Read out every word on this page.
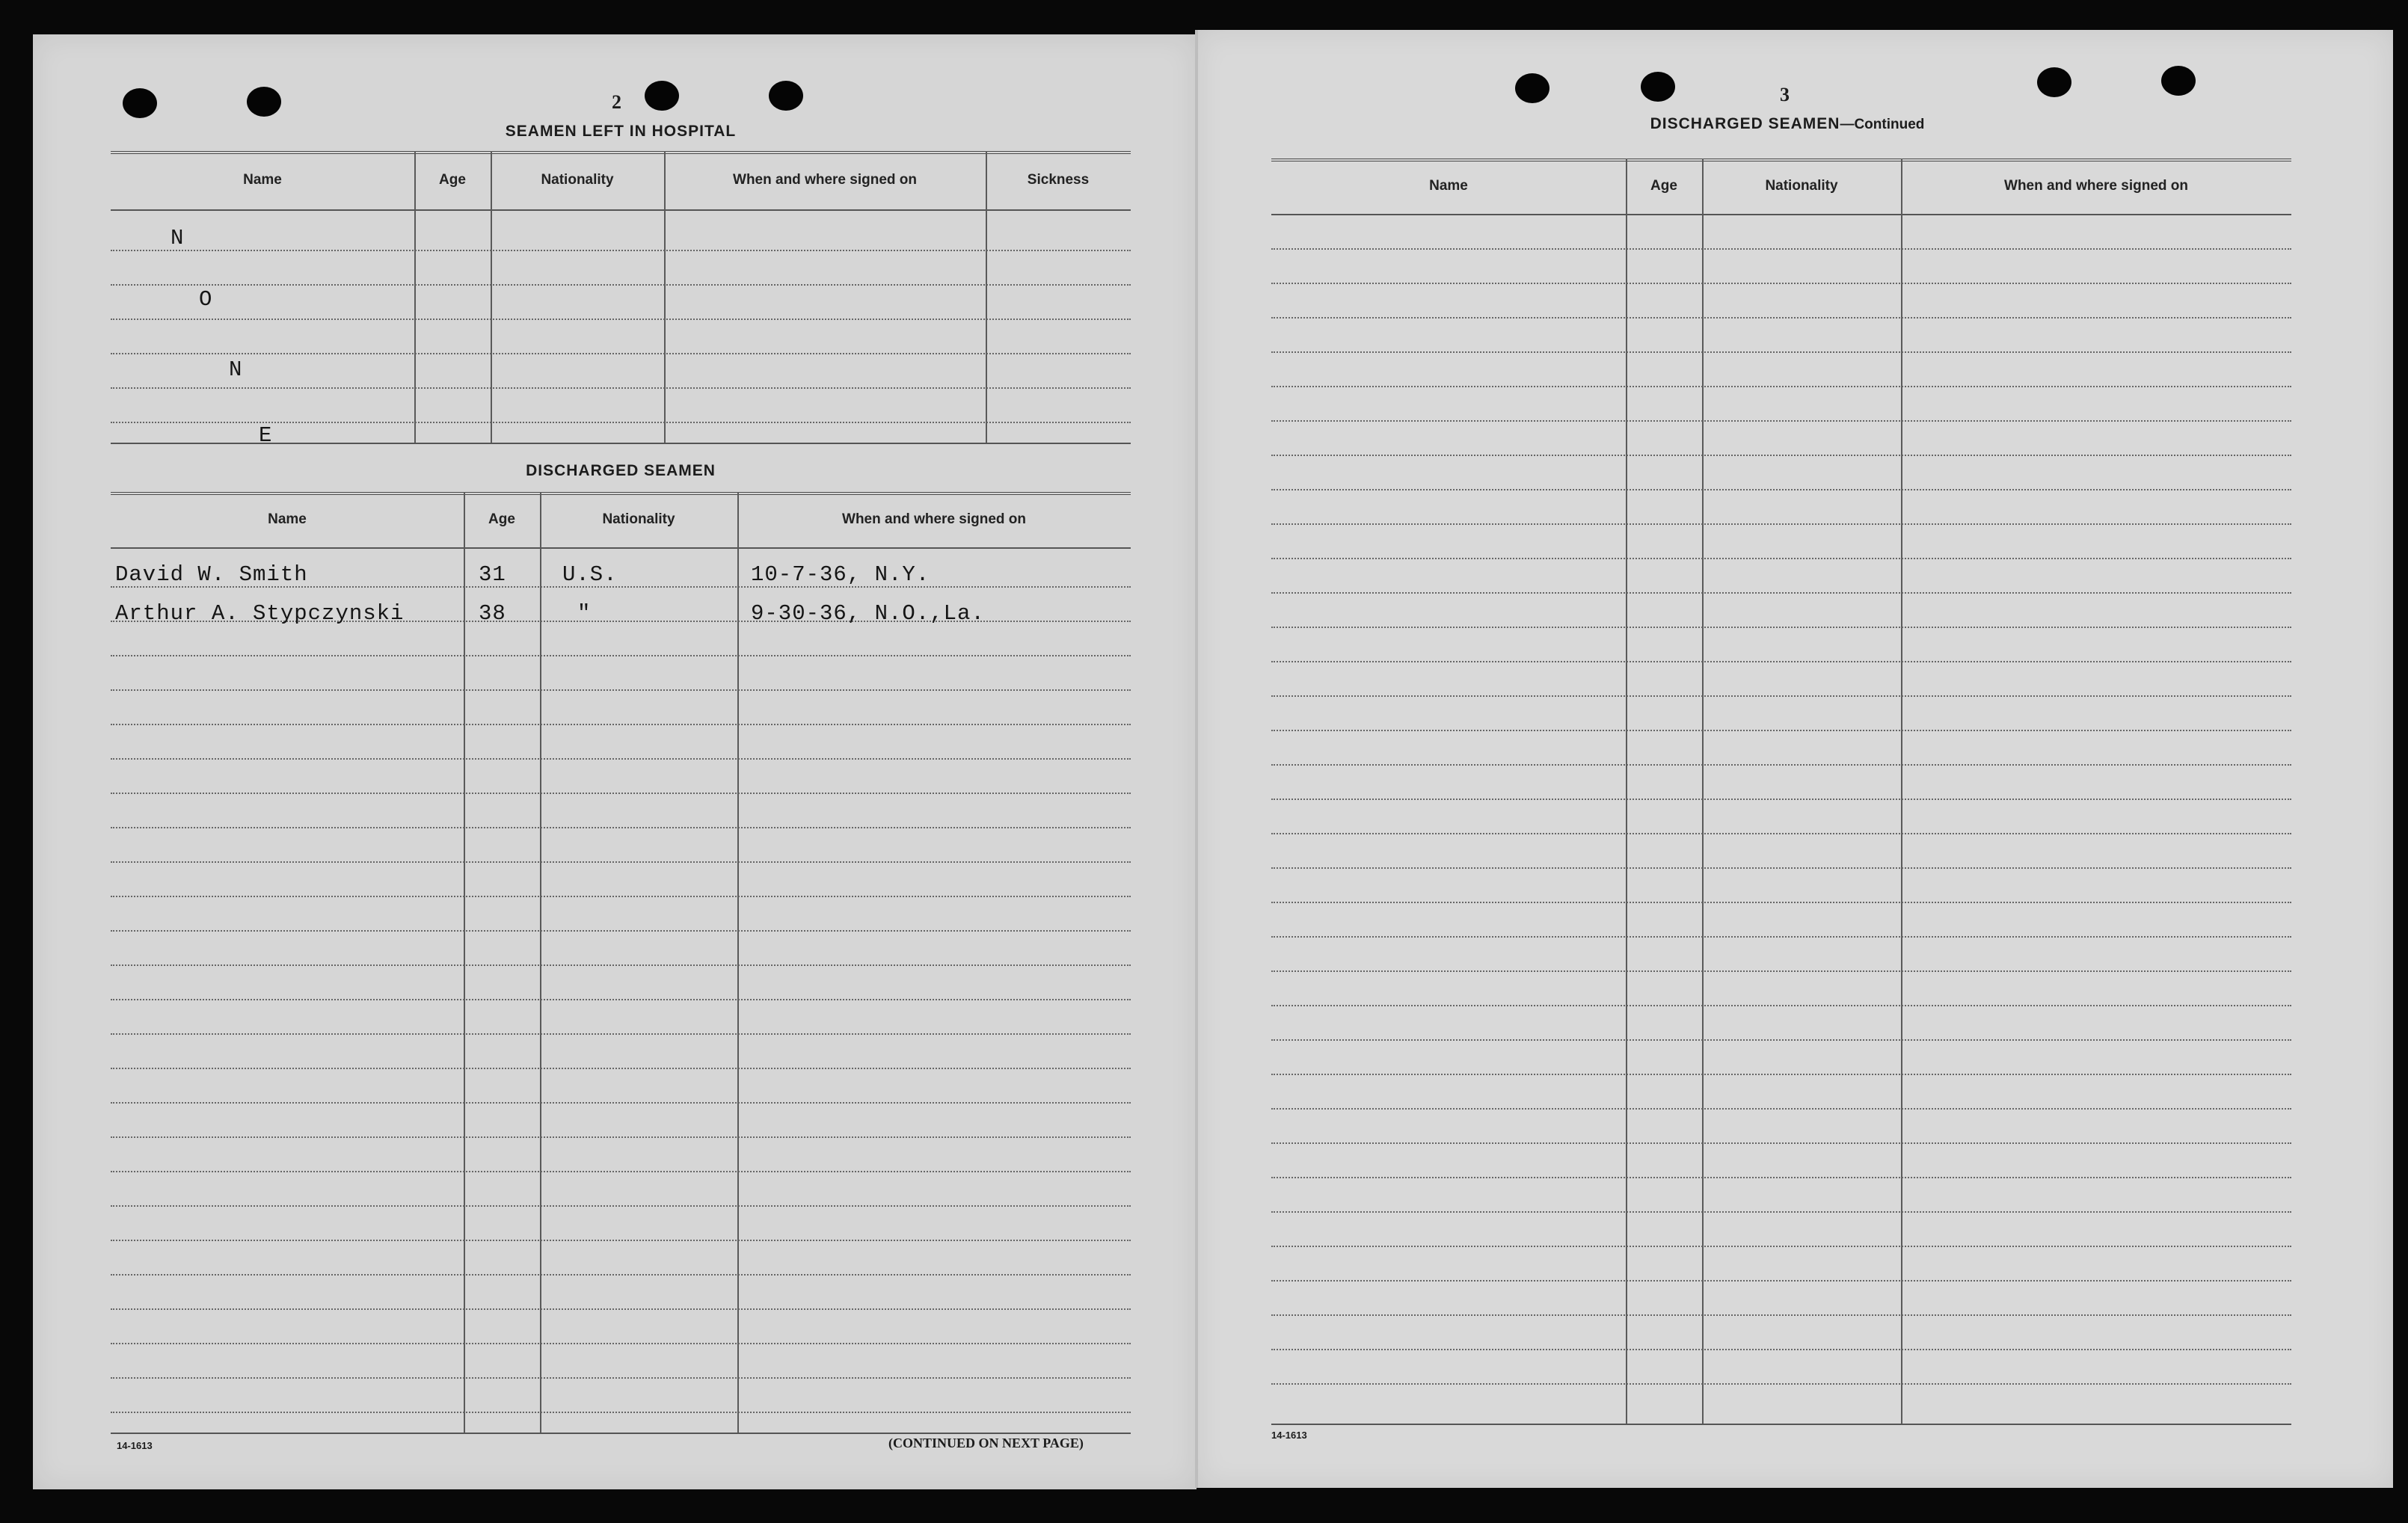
2
SEAMEN LEFT IN HOSPITAL
Name	Age	Nationality	When and where signed on	Sickness
N
O
N
E
DISCHARGED SEAMEN
Name	Age	Nationality	When and where signed on
David W. Smith	31	U.S.	10-7-36, N.Y.
Arthur A. Stypczynski	38	"	9-30-36, N.O.,La.
14-1613	(CONTINUED ON NEXT PAGE)
3
DISCHARGED SEAMEN—Continued
Name	Age	Nationality	When and where signed on
14-1613
